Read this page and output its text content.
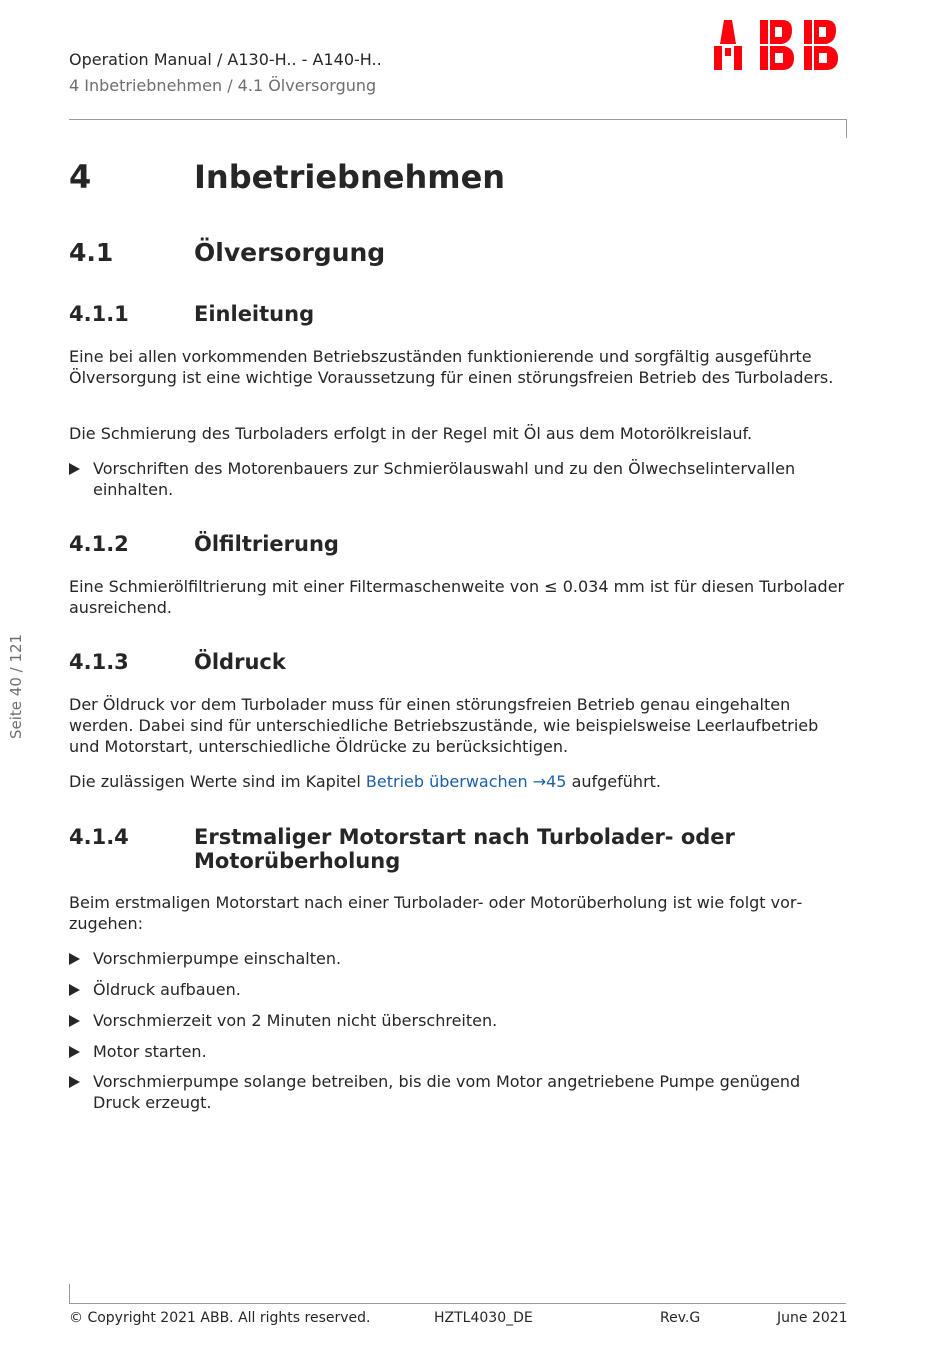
Operation Manual / A130-H.. - A140-H..
4 Inbetriebnehmen / 4.1 Ölversorgung
4	Inbetriebnehmen
4.1	Ölversorgung
4.1.1	Einleitung
Eine bei allen vorkommenden Betriebszuständen funktionierende und sorgfältig ausgeführte Ölversorgung ist eine wichtige Voraussetzung für einen störungsfreien Betrieb des Turboladers.
Die Schmierung des Turboladers erfolgt in der Regel mit Öl aus dem Motorölkreislauf.
Vorschriften des Motorenbauers zur Schmierölauswahl und zu den Ölwechselintervallen einhalten.
4.1.2	Ölfiltrierung
Eine Schmierölfiltrierung mit einer Filtermaschenweite von ≤ 0.034 mm ist für diesen Turbolader ausreichend.
4.1.3	Öldruck
Der Öldruck vor dem Turbolader muss für einen störungsfreien Betrieb genau eingehalten werden. Dabei sind für unterschiedliche Betriebszustände, wie beispielsweise Leerlaufbetrieb und Motorstart, unterschiedliche Öldrücke zu berücksichtigen.
Die zulässigen Werte sind im Kapitel Betrieb überwachen →45 aufgeführt.
4.1.4	Erstmaliger Motorstart nach Turbolader- oder
Motorüberholung
Beim erstmaligen Motorstart nach einer Turbolader- oder Motorüberholung ist wie folgt vorzugehen:
Vorschmierpumpe einschalten.
Öldruck aufbauen.
Vorschmierzeit von 2 Minuten nicht überschreiten.
Motor starten.
Vorschmierpumpe solange betreiben, bis die vom Motor angetriebene Pumpe genügend Druck erzeugt.
Seite 40 / 121
© Copyright 2021 ABB. All rights reserved.	HZTL4030_DE	Rev.G	June 2021
